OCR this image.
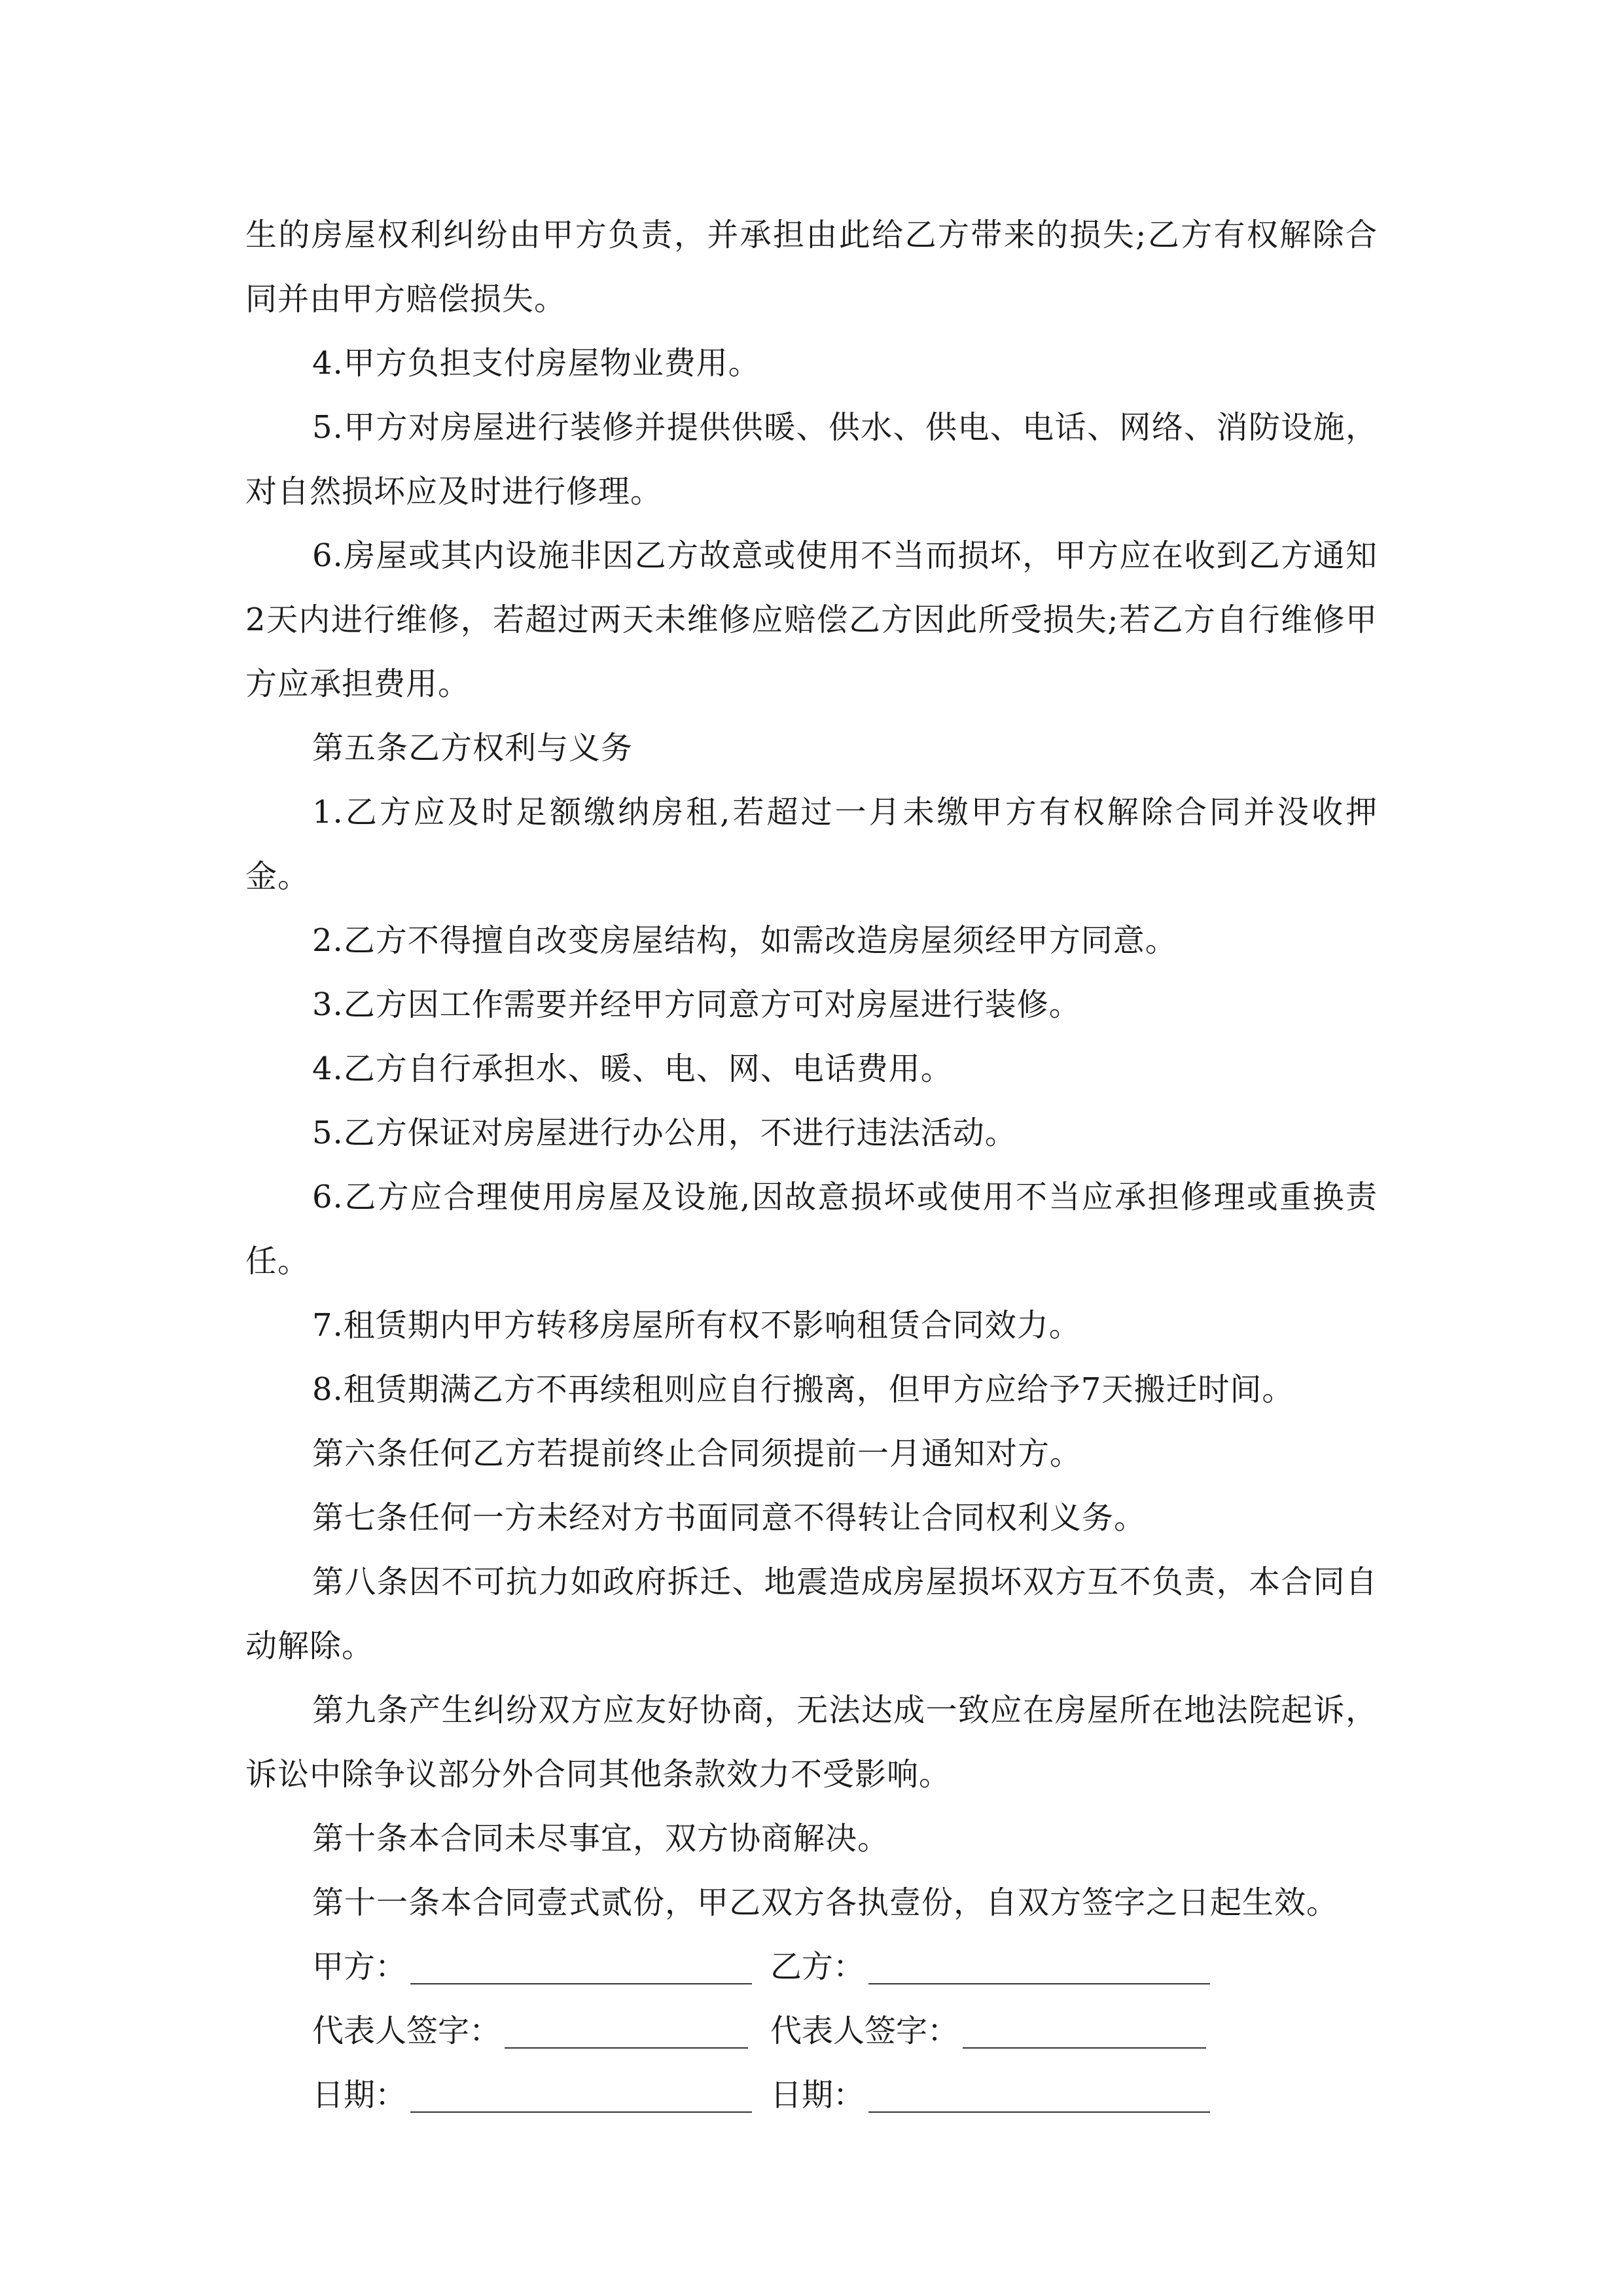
生的房屋权利纠纷由甲方负责，并承担由此给乙方带来的损失;乙方有权解除合同并由甲方赔偿损失。

4.甲方负担支付房屋物业费用。

5.甲方对房屋进行装修并提供供暖、供水、供电、电话、网络、消防设施，对自然损坏应及时进行修理。

6.房屋或其内设施非因乙方故意或使用不当而损坏，甲方应在收到乙方通知2天内进行维修，若超过两天未维修应赔偿乙方因此所受损失;若乙方自行维修甲方应承担费用。

第五条乙方权利与义务

1.乙方应及时足额缴纳房租,若超过一月未缴甲方有权解除合同并没收押金。

2.乙方不得擅自改变房屋结构，如需改造房屋须经甲方同意。

3.乙方因工作需要并经甲方同意方可对房屋进行装修。

4.乙方自行承担水、暖、电、网、电话费用。

5.乙方保证对房屋进行办公用，不进行违法活动。

6.乙方应合理使用房屋及设施,因故意损坏或使用不当应承担修理或重换责任。

7.租赁期内甲方转移房屋所有权不影响租赁合同效力。

8.租赁期满乙方不再续租则应自行搬离，但甲方应给予7天搬迁时间。

第六条任何乙方若提前终止合同须提前一月通知对方。

第七条任何一方未经对方书面同意不得转让合同权利义务。

第八条因不可抗力如政府拆迁、地震造成房屋损坏双方互不负责，本合同自动解除。

第九条产生纠纷双方应友好协商，无法达成一致应在房屋所在地法院起诉，诉讼中除争议部分外合同其他条款效力不受影响。

第十条本合同未尽事宜，双方协商解决。

第十一条本合同壹式贰份，甲乙双方各执壹份，自双方签字之日起生效。

甲方：	乙方：
代表人签字：	代表人签字：
日期：	日期：
